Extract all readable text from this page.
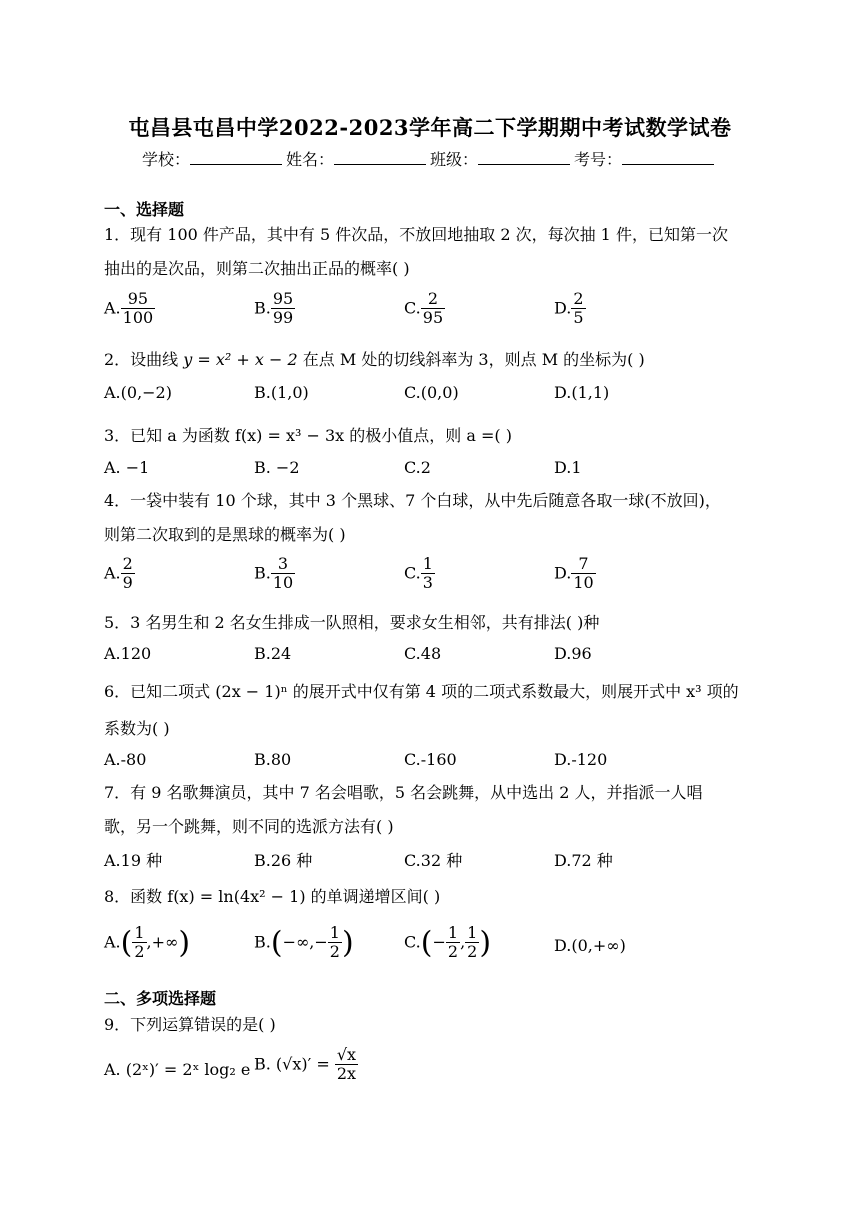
屯昌县屯昌中学2022-2023学年高二下学期期中考试数学试卷
学校：	姓名：	班级：	考号：
一、选择题
1．现有 100 件产品，其中有 5 件次品，不放回地抽取 2 次，每次抽 1 件，已知第一次
抽出的是次品，则第二次抽出正品的概率( )
A. $\frac{95}{100}$	B. $\frac{95}{99}$	C. $\frac{2}{95}$	D. $\frac{2}{5}$
2．设曲线 y = x² + x − 2 在点 M 处的切线斜率为 3，则点 M 的坐标为( )
A.(0,−2)	B.(1,0)	C.(0,0)	D.(1,1)
3．已知 a 为函数 f(x) = x³ − 3x 的极小值点，则 a =( )
A. −1	B. −2	C.2	D.1
4．一袋中装有 10 个球，其中 3 个黑球、7 个白球，从中先后随意各取一球(不放回)，
则第二次取到的是黑球的概率为( )
A. $\frac{2}{9}$	B. $\frac{3}{10}$	C. $\frac{1}{3}$	D. $\frac{7}{10}$
5．3 名男生和 2 名女生排成一队照相，要求女生相邻，共有排法( )种
A.120	B.24	C.48	D.96
6．已知二项式 (2x − 1)ⁿ 的展开式中仅有第 4 项的二项式系数最大，则展开式中 x³ 项的
系数为( )
A.-80	B.80	C.-160	D.-120
7．有 9 名歌舞演员，其中 7 名会唱歌，5 名会跳舞，从中选出 2 人，并指派一人唱
歌，另一个跳舞，则不同的选派方法有( )
A.19 种	B.26 种	C.32 种	D.72 种
8．函数 f(x) = ln(4x² − 1) 的单调递增区间( )
$A.( \frac{1}{2}$ ,+∞)	$B.(-\infty,- \frac{1}{2}$ )	$C.(- \frac{1}{2}$ , $\frac{1}{2}$ )	D.(0,+∞)
二、多项选择题
9．下列运算错误的是( )
A. (2ˣ)′ = 2ˣ log₂ e B. $(√x)' = \frac{√x}{2x}$
